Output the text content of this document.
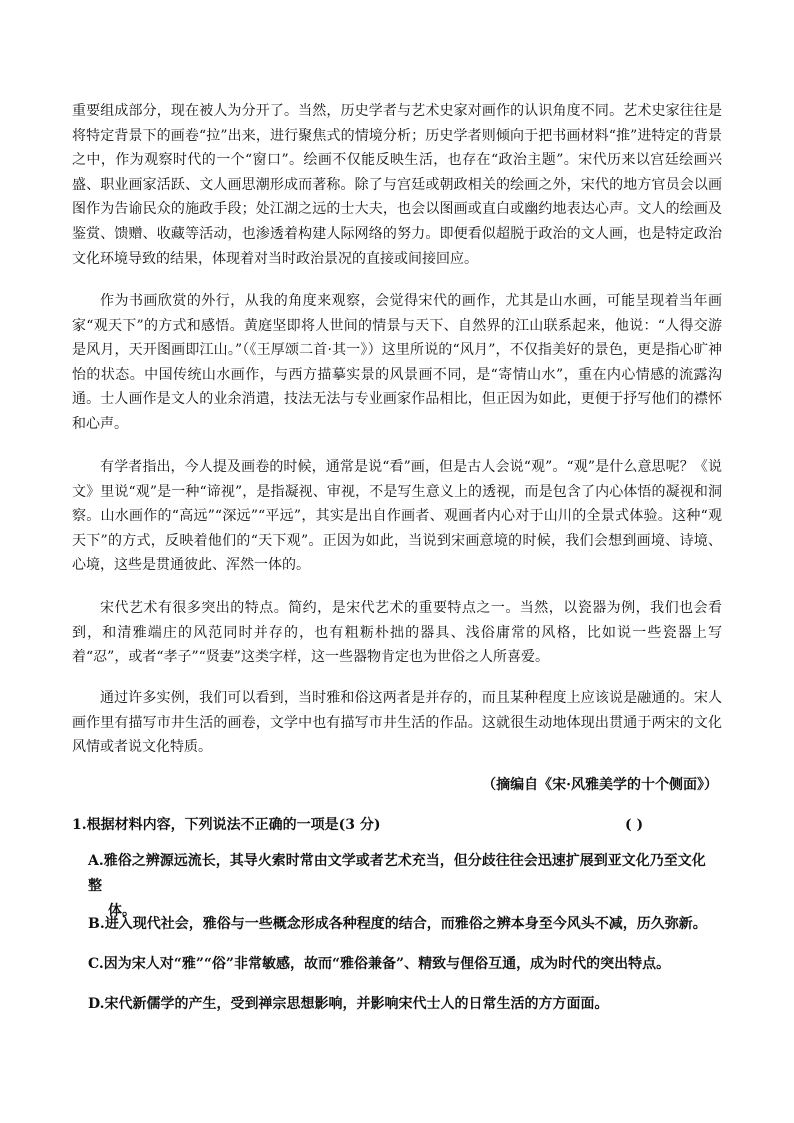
重要组成部分，现在被人为分开了。当然，历史学者与艺术史家对画作的认识角度不同。艺术史家往往是将特定背景下的画卷“拉”出来，进行聚焦式的情境分析；历史学者则倾向于把书画材料“推”进特定的背景之中，作为观察时代的一个“窗口”。绘画不仅能反映生活，也存在“政治主题”。宋代历来以宫廷绘画兴盛、职业画家活跃、文人画思潮形成而著称。除了与宫廷或朝政相关的绘画之外，宋代的地方官员会以画图作为告谕民众的施政手段；处江湖之远的士大夫，也会以图画或直白或幽约地表达心声。文人的绘画及鉴赏、馈赠、收藏等活动，也渗透着构建人际网络的努力。即便看似超脱于政治的文人画，也是特定政治文化环境导致的结果，体现着对当时政治景况的直接或间接回应。

作为书画欣赏的外行，从我的角度来观察，会觉得宋代的画作，尤其是山水画，可能呈现着当年画家“观天下”的方式和感悟。黄庭坚即将人世间的情景与天下、自然界的江山联系起来，他说：“人得交游是风月，天开图画即江山。”（《王厚颂二首·其一》）这里所说的“风月”，不仅指美好的景色，更是指心旷神怡的状态。中国传统山水画作，与西方描摹实景的风景画不同，是“寄情山水”，重在内心情感的流露沟通。士人画作是文人的业余消遣，技法无法与专业画家作品相比，但正因为如此，更便于抒写他们的襟怀和心声。

有学者指出，今人提及画卷的时候，通常是说“看”画，但是古人会说“观”。“观”是什么意思呢？《说文》里说“观”是一种“谛视”，是指凝视、审视，不是写生意义上的透视，而是包含了内心体悟的凝视和洞察。山水画作的“高远”“深远”“平远”，其实是出自作画者、观画者内心对于山川的全景式体验。这种“观天下”的方式，反映着他们的“天下观”。正因为如此，当说到宋画意境的时候，我们会想到画境、诗境、心境，这些是贯通彼此、浑然一体的。

宋代艺术有很多突出的特点。简约，是宋代艺术的重要特点之一。当然，以瓷器为例，我们也会看到，和清雅端庄的风范同时并存的，也有粗粝朴拙的器具、浅俗庸常的风格，比如说一些瓷器上写着“忍”，或者“孝子”“贤妻”这类字样，这一些器物肯定也为世俗之人所喜爱。

通过许多实例，我们可以看到，当时雅和俗这两者是并存的，而且某种程度上应该说是融通的。宋人画作里有描写市井生活的画卷，文学中也有描写市井生活的作品。这就很生动地体现出贯通于两宋的文化风情或者说文化特质。

（摘编自《宋·风雅美学的十个侧面》）
1.根据材料内容，下列说法不正确的一项是(3 分)	( )
A.雅俗之辨源远流长，其导火索时常由文学或者艺术充当，但分歧往往会迅速扩展到亚文化乃至文化整
体。
B.进入现代社会，雅俗与一些概念形成各种程度的结合，而雅俗之辨本身至今风头不减，历久弥新。
C.因为宋人对“雅”“俗”非常敏感，故而“雅俗兼备”、精致与俚俗互通，成为时代的突出特点。
D.宋代新儒学的产生，受到禅宗思想影响，并影响宋代士人的日常生活的方方面面。
